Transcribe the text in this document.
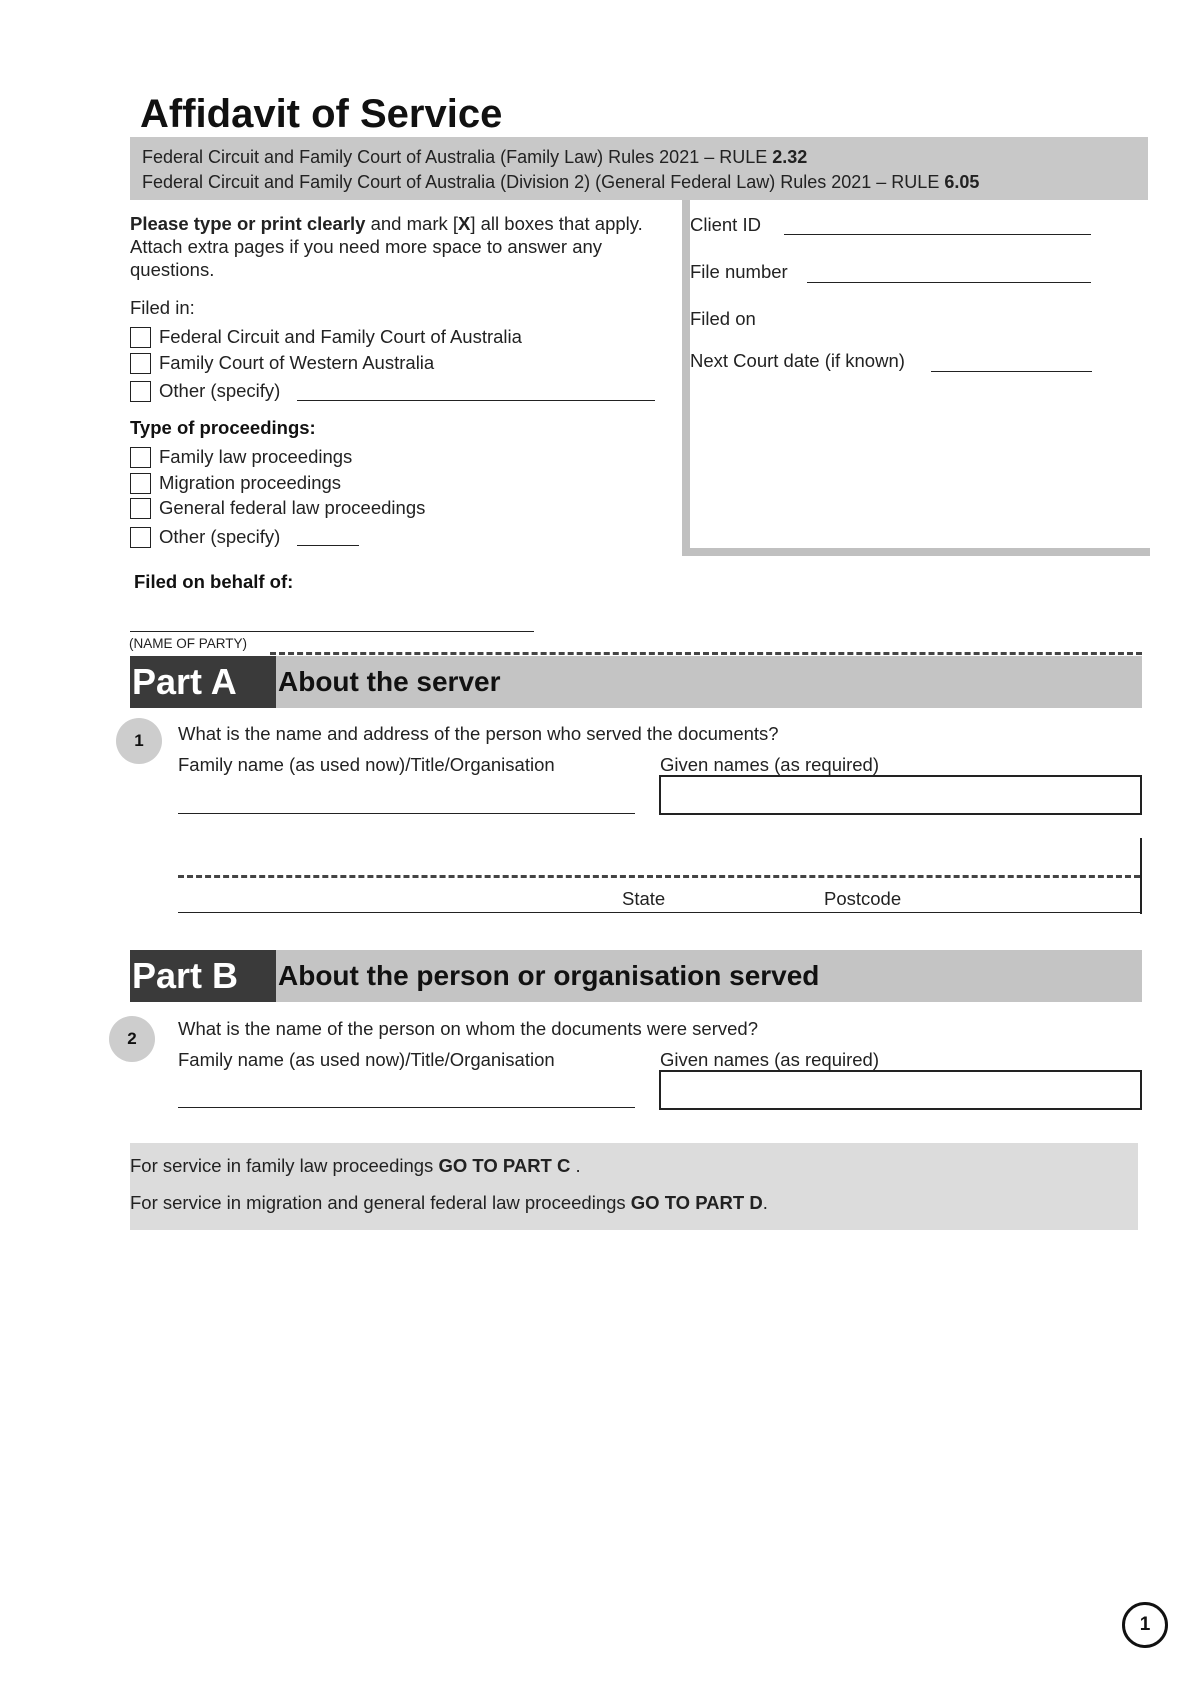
Affidavit of Service
Federal Circuit and Family Court of Australia (Family Law) Rules 2021 – RULE 2.32
Federal Circuit and Family Court of Australia (Division 2) (General Federal Law) Rules 2021 – RULE 6.05
Please type or print clearly and mark [X] all boxes that apply. Attach extra pages if you need more space to answer any questions.
Filed in:
Federal Circuit and Family Court of Australia
Family Court of Western Australia
Other (specify)
Type of proceedings:
Family law proceedings
Migration proceedings
General federal law proceedings
Other (specify)
Client ID
File number
Filed on
Next Court date (if known)
Filed on behalf of:
(NAME OF PARTY)
Part A	About the server
1	What is the name and address of the person who served the documents?
Family name (as used now)/Title/Organisation	Given names (as required)
State	Postcode
Part B	About the person or organisation served
2	What is the name of the person on whom the documents were served?
Family name (as used now)/Title/Organisation	Given names (as required)
For service in family law proceedings GO TO PART C .
For service in migration and general federal law proceedings GO TO PART D.
1
